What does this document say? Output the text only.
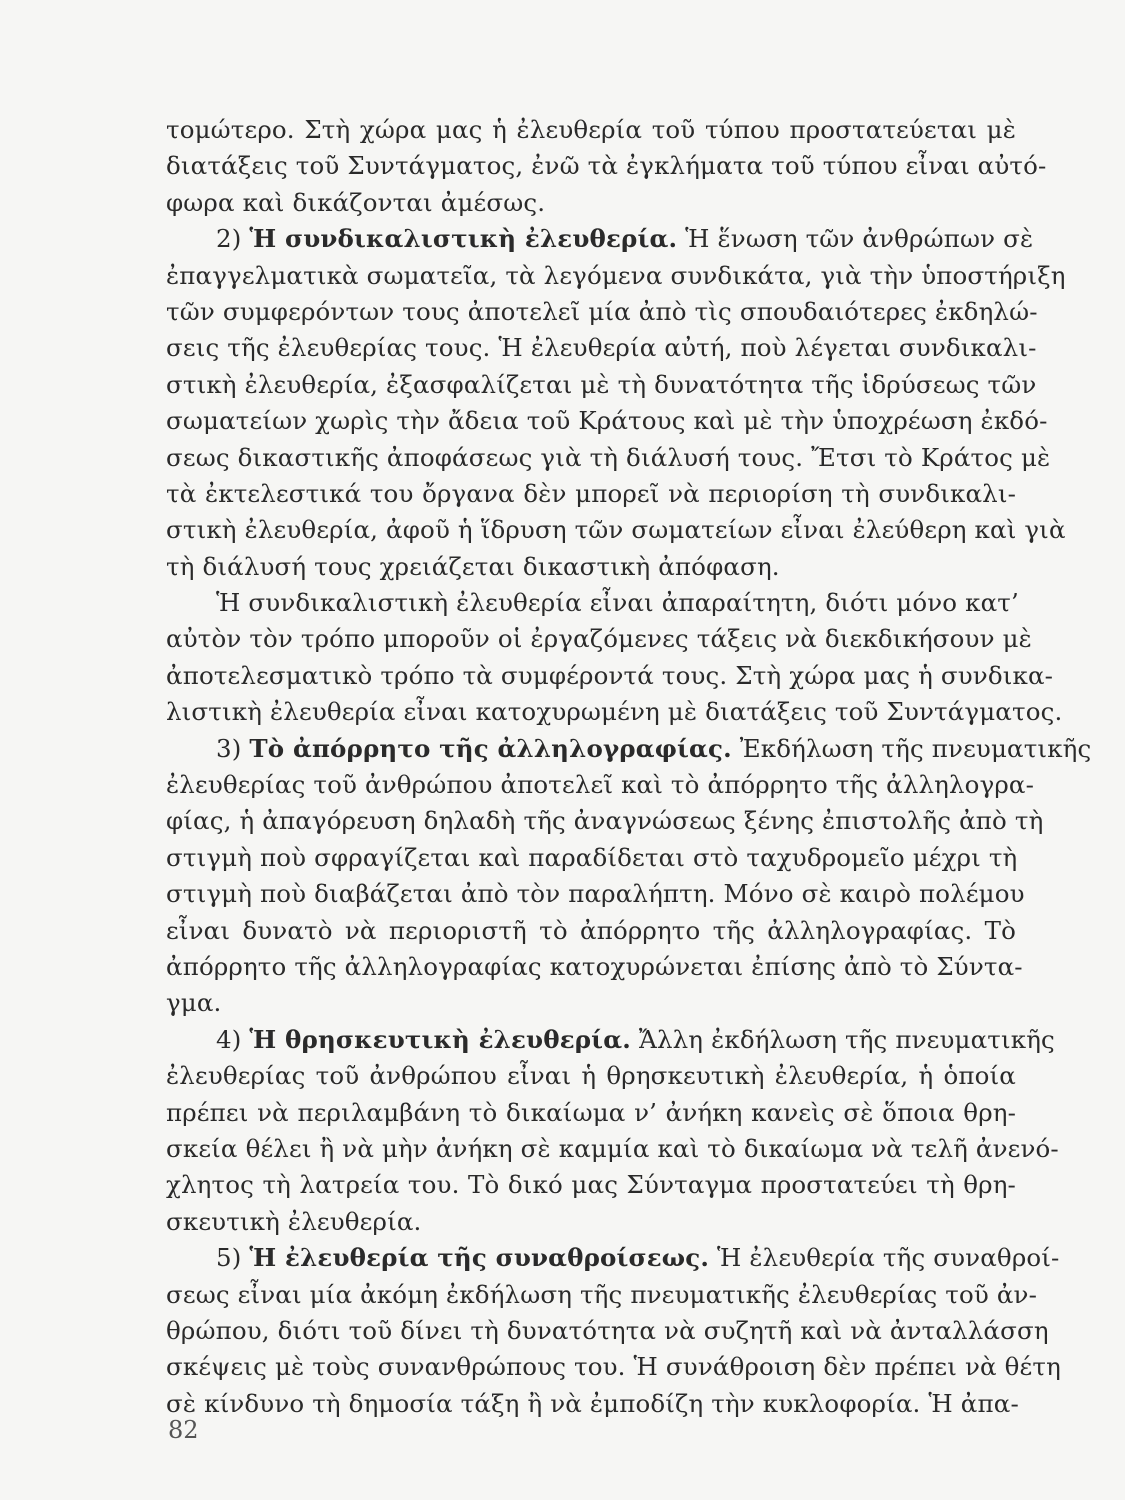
τομώτερο. Στὴ χώρα μας ἡ ἐλευθερία τοῦ τύπου προστατεύεται μὲ
διατάξεις τοῦ Συντάγματος, ἐνῶ τὰ ἐγκλήματα τοῦ τύπου εἶναι αὐτό-
φωρα καὶ δικάζονται ἀμέσως.
2) Ἡ συνδικαλιστικὴ ἐλευθερία. Ἡ ἕνωση τῶν ἀνθρώπων σὲ
ἐπαγγελματικὰ σωματεῖα, τὰ λεγόμενα συνδικάτα, γιὰ τὴν ὑποστήριξη
τῶν συμφερόντων τους ἀποτελεῖ μία ἀπὸ τὶς σπουδαιότερες ἐκδηλώ-
σεις τῆς ἐλευθερίας τους. Ἡ ἐλευθερία αὐτή, ποὺ λέγεται συνδικαλι-
στικὴ ἐλευθερία, ἐξασφαλίζεται μὲ τὴ δυνατότητα τῆς ἱδρύσεως τῶν
σωματείων χωρὶς τὴν ἄδεια τοῦ Κράτους καὶ μὲ τὴν ὑποχρέωση ἐκδό-
σεως δικαστικῆς ἀποφάσεως γιὰ τὴ διάλυσή τους. Ἔτσι τὸ Κράτος μὲ
τὰ ἐκτελεστικά του ὄργανα δὲν μπορεῖ νὰ περιορίση τὴ συνδικαλι-
στικὴ ἐλευθερία, ἀφοῦ ἡ ἵδρυση τῶν σωματείων εἶναι ἐλεύθερη καὶ γιὰ
τὴ διάλυσή τους χρειάζεται δικαστικὴ ἀπόφαση.
Ἡ συνδικαλιστικὴ ἐλευθερία εἶναι ἀπαραίτητη, διότι μόνο κατ’
αὐτὸν τὸν τρόπο μποροῦν οἱ ἐργαζόμενες τάξεις νὰ διεκδικήσουν μὲ
ἀποτελεσματικὸ τρόπο τὰ συμφέροντά τους. Στὴ χώρα μας ἡ συνδικα-
λιστικὴ ἐλευθερία εἶναι κατοχυρωμένη μὲ διατάξεις τοῦ Συντάγματος.
3) Τὸ ἀπόρρητο τῆς ἀλληλογραφίας. Ἐκδήλωση τῆς πνευματικῆς
ἐλευθερίας τοῦ ἀνθρώπου ἀποτελεῖ καὶ τὸ ἀπόρρητο τῆς ἀλληλογρα-
φίας, ἡ ἀπαγόρευση δηλαδὴ τῆς ἀναγνώσεως ξένης ἐπιστολῆς ἀπὸ τὴ
στιγμὴ ποὺ σφραγίζεται καὶ παραδίδεται στὸ ταχυδρομεῖο μέχρι τὴ
στιγμὴ ποὺ διαβάζεται ἀπὸ τὸν παραλήπτη. Μόνο σὲ καιρὸ πολέμου
εἶναι δυνατὸ νὰ περιοριστῆ τὸ ἀπόρρητο τῆς ἀλληλογραφίας. Τὸ
ἀπόρρητο τῆς ἀλληλογραφίας κατοχυρώνεται ἐπίσης ἀπὸ τὸ Σύντα-
γμα.
4) Ἡ θρησκευτικὴ ἐλευθερία. Ἄλλη ἐκδήλωση τῆς πνευματικῆς
ἐλευθερίας τοῦ ἀνθρώπου εἶναι ἡ θρησκευτικὴ ἐλευθερία, ἡ ὁποία
πρέπει νὰ περιλαμβάνη τὸ δικαίωμα ν’ ἀνήκη κανεὶς σὲ ὅποια θρη-
σκεία θέλει ἢ νὰ μὴν ἀνήκη σὲ καμμία καὶ τὸ δικαίωμα νὰ τελῆ ἀνενό-
χλητος τὴ λατρεία του. Τὸ δικό μας Σύνταγμα προστατεύει τὴ θρη-
σκευτικὴ ἐλευθερία.
5) Ἡ ἐλευθερία τῆς συναθροίσεως. Ἡ ἐλευθερία τῆς συναθροί-
σεως εἶναι μία ἀκόμη ἐκδήλωση τῆς πνευματικῆς ἐλευθερίας τοῦ ἀν-
θρώπου, διότι τοῦ δίνει τὴ δυνατότητα νὰ συζητῆ καὶ νὰ ἀνταλλάσση
σκέψεις μὲ τοὺς συνανθρώπους του. Ἡ συνάθροιση δὲν πρέπει νὰ θέτη
σὲ κίνδυνο τὴ δημοσία τάξη ἢ νὰ ἐμποδίζη τὴν κυκλοφορία. Ἡ ἀπα-
82
